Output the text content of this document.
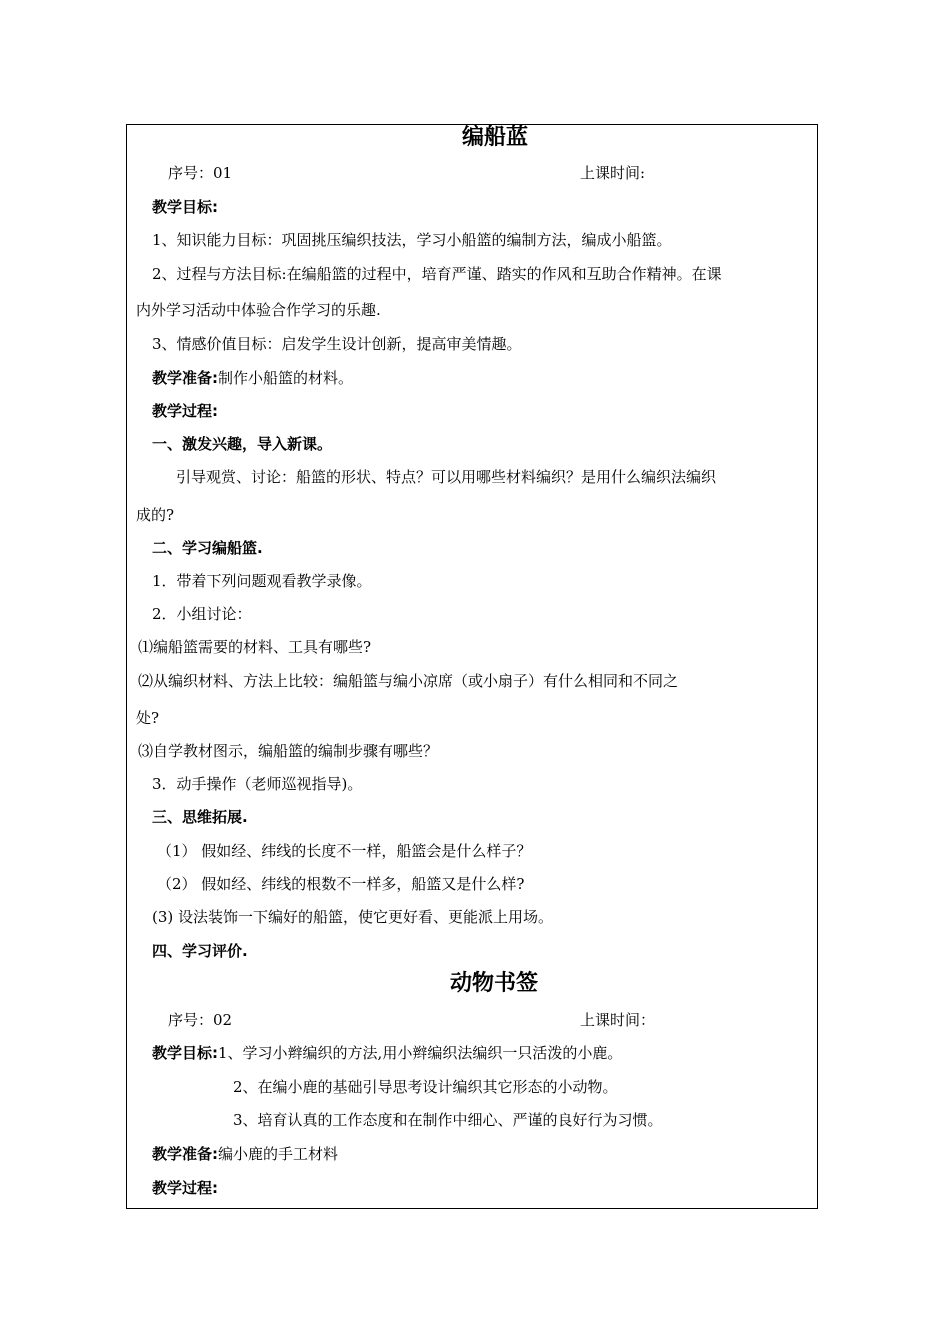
编船蓝
序号：01	上课时间:
教学目标:
1、知识能力目标：巩固挑压编织技法，学习小船篮的编制方法，编成小船篮。
2、过程与方法目标:在编船篮的过程中，培育严谨、踏实的作风和互助合作精神。在课
内外学习活动中体验合作学习的乐趣.
3、情感价值目标：启发学生设计创新，提高审美情趣。
教学准备:制作小船篮的材料。
教学过程:
一、激发兴趣，导入新课。
引导观赏、讨论：船篮的形状、特点？可以用哪些材料编织？是用什么编织法编织
成的?
二、学习编船篮.
1．带着下列问题观看教学录像。
2．小组讨论：
⑴编船篮需要的材料、工具有哪些?
⑵从编织材料、方法上比较：编船篮与编小凉席（或小扇子）有什么相同和不同之
处?
⑶自学教材图示，编船篮的编制步骤有哪些？
3．动手操作（老师巡视指导)。
三、思维拓展.
（1） 假如经、纬线的长度不一样，船篮会是什么样子？
（2） 假如经、纬线的根数不一样多，船篮又是什么样?
(3) 设法装饰一下编好的船篮，使它更好看、更能派上用场。
四、学习评价.
动物书签
序号：02	上课时间：
教学目标:1、学习小辫编织的方法,用小辫编织法编织一只活泼的小鹿。
2、在编小鹿的基础引导思考设计编织其它形态的小动物。
3、培育认真的工作态度和在制作中细心、严谨的良好行为习惯。
教学准备:编小鹿的手工材料
教学过程:
